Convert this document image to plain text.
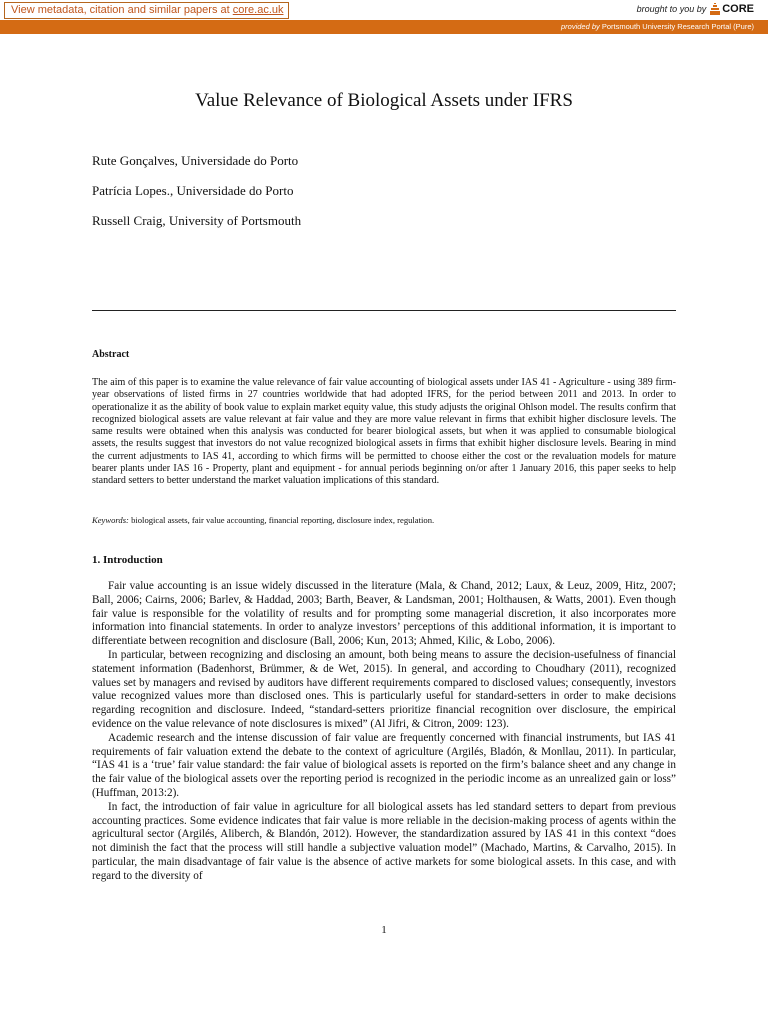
View metadata, citation and similar papers at core.ac.uk	brought to you by CORE
provided by Portsmouth University Research Portal (Pure)
Value Relevance of Biological Assets under IFRS
Rute Gonçalves, Universidade do Porto
Patrícia Lopes., Universidade do Porto
Russell Craig, University of Portsmouth
Abstract

The aim of this paper is to examine the value relevance of fair value accounting of biological assets under IAS 41 - Agriculture - using 389 firm-year observations of listed firms in 27 countries worldwide that had adopted IFRS, for the period between 2011 and 2013. In order to operationalize it as the ability of book value to explain market equity value, this study adjusts the original Ohlson model. The results confirm that recognized biological assets are value relevant at fair value and they are more value relevant in firms that exhibit higher disclosure levels. The same results were obtained when this analysis was conducted for bearer biological assets, but when it was applied to consumable biological assets, the results suggest that investors do not value recognized biological assets in firms that exhibit higher disclosure levels. Bearing in mind the current adjustments to IAS 41, according to which firms will be permitted to choose either the cost or the revaluation models for mature bearer plants under IAS 16 - Property, plant and equipment - for annual periods beginning on/or after 1 January 2016, this paper seeks to help standard setters to better understand the market valuation implications of this standard.

Keywords: biological assets, fair value accounting, financial reporting, disclosure index, regulation.
1. Introduction

Fair value accounting is an issue widely discussed in the literature (Mala, & Chand, 2012; Laux, & Leuz, 2009, Hitz, 2007; Ball, 2006; Cairns, 2006; Barlev, & Haddad, 2003; Barth, Beaver, & Landsman, 2001; Holthausen, & Watts, 2001). Even though fair value is responsible for the volatility of results and for prompting some managerial discretion, it also incorporates more information into financial statements. In order to analyze investors’ perceptions of this additional information, it is important to differentiate between recognition and disclosure (Ball, 2006; Kun, 2013; Ahmed, Kilic, & Lobo, 2006).

In particular, between recognizing and disclosing an amount, both being means to assure the decision-usefulness of financial statement information (Badenhorst, Brümmer, & de Wet, 2015). In general, and according to Choudhary (2011), recognized values set by managers and revised by auditors have different requirements compared to disclosed values; consequently, investors value recognized values more than disclosed ones. This is particularly useful for standard-setters in order to make decisions regarding recognition and disclosure. Indeed, “standard-setters prioritize financial recognition over disclosure, the empirical evidence on the value relevance of note disclosures is mixed” (Al Jifri, & Citron, 2009: 123).

Academic research and the intense discussion of fair value are frequently concerned with financial instruments, but IAS 41 requirements of fair valuation extend the debate to the context of agriculture (Argilés, Bladón, & Monllau, 2011). In particular, “IAS 41 is a ‘true’ fair value standard: the fair value of biological assets is reported on the firm’s balance sheet and any change in the fair value of the biological assets over the reporting period is recognized in the periodic income as an unrealized gain or loss” (Huffman, 2013:2).

In fact, the introduction of fair value in agriculture for all biological assets has led standard setters to depart from previous accounting practices. Some evidence indicates that fair value is more reliable in the decision-making process of agents within the agricultural sector (Argilés, Aliberch, & Blandón, 2012). However, the standardization assured by IAS 41 in this context “does not diminish the fact that the process will still handle a subjective valuation model” (Machado, Martins, & Carvalho, 2015). In particular, the main disadvantage of fair value is the absence of active markets for some biological assets. In this case, and with regard to the diversity of

1
